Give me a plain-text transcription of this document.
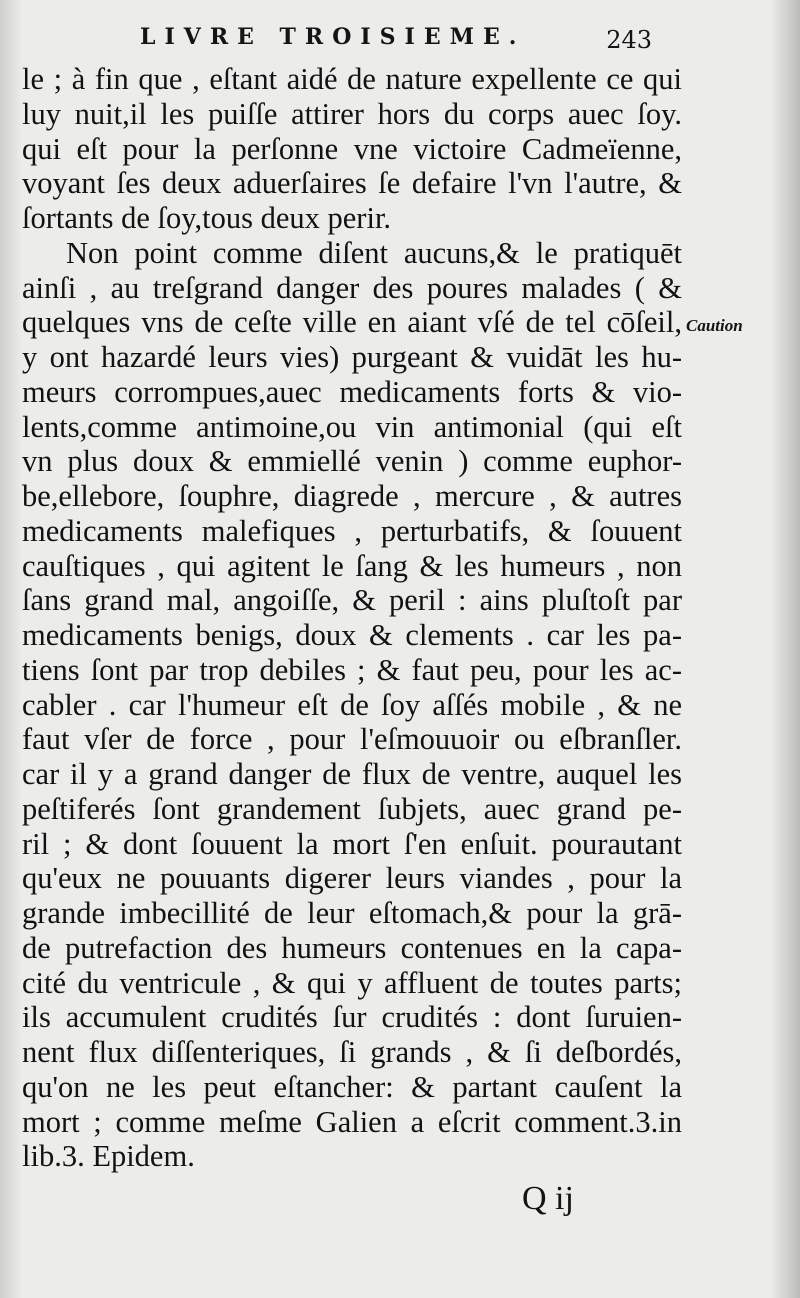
LIVRE TROISIEME.	243
le ; à fin que , eſtant aidé de nature expellente ce qui
luy nuit,il les puiſſe attirer hors du corps auec ſoy.
qui eſt pour la perſonne vne victoire Cadmeïenne,
voyant ſes deux aduerſaires ſe defaire l'vn l'autre, &
ſortants de ſoy,tous deux perir.
Non point comme diſent aucuns,& le pratiquēt
ainſi , au treſgrand danger des poures malades ( &
quelques vns de ceſte ville en aiant vſé de tel cōſeil,
y ont hazardé leurs vies) purgeant & vuidāt les hu-
meurs corrompues,auec medicaments forts & vio-
lents,comme antimoine,ou vin antimonial (qui eſt
vn plus doux & emmiellé venin ) comme euphor-
be,ellebore, ſouphre, diagrede , mercure , & autres
medicaments malefiques , perturbatifs, & ſouuent
cauſtiques , qui agitent le ſang & les humeurs , non
ſans grand mal, angoiſſe, & peril : ains pluſtoſt par
medicaments benigs, doux & clements . car les pa-
tiens ſont par trop debiles ; & faut peu, pour les ac-
cabler . car l'humeur eſt de ſoy aſſés mobile , & ne
faut vſer de force , pour l'eſmouuoir ou eſbranſler.
car il y a grand danger de flux de ventre, auquel les
peſtiferés ſont grandement ſubjets, auec grand pe-
ril ; & dont ſouuent la mort ſ'en enſuit. pourautant
qu'eux ne pouuants digerer leurs viandes , pour la
grande imbecillité de leur eſtomach,& pour la grā-
de putrefaction des humeurs contenues en la capa-
cité du ventricule , & qui y affluent de toutes parts;
ils accumulent crudités ſur crudités : dont ſuruien-
nent flux diſſenteriques, ſi grands , & ſi deſbordés,
qu'on ne les peut eſtancher: & partant cauſent la
mort ; comme meſme Galien a eſcrit comment.3.in
lib.3. Epidem.
Caution
Q ij
